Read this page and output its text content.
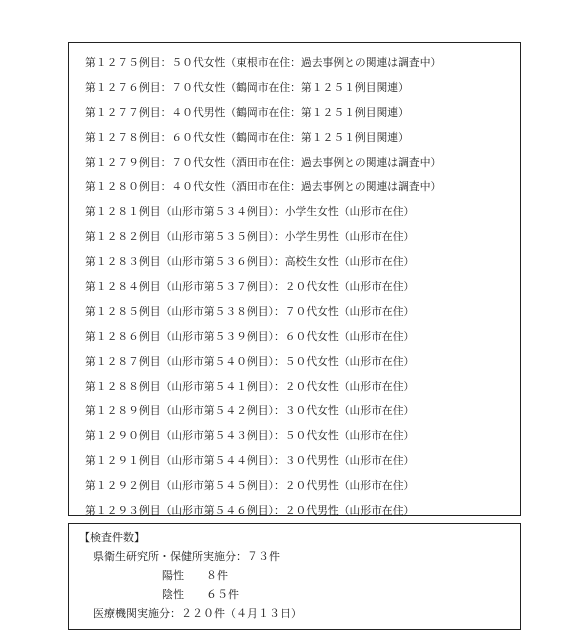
第１２７５例目：５０代女性（東根市在住：過去事例との関連は調査中）
第１２７６例目：７０代女性（鶴岡市在住：第１２５１例目関連）
第１２７７例目：４０代男性（鶴岡市在住：第１２５１例目関連）
第１２７８例目：６０代女性（鶴岡市在住：第１２５１例目関連）
第１２７９例目：７０代女性（酒田市在住：過去事例との関連は調査中）
第１２８０例目：４０代女性（酒田市在住：過去事例との関連は調査中）
第１２８１例目（山形市第５３４例目）：小学生女性（山形市在住）
第１２８２例目（山形市第５３５例目）：小学生男性（山形市在住）
第１２８３例目（山形市第５３６例目）：高校生女性（山形市在住）
第１２８４例目（山形市第５３７例目）：２０代女性（山形市在住）
第１２８５例目（山形市第５３８例目）：７０代女性（山形市在住）
第１２８６例目（山形市第５３９例目）：６０代女性（山形市在住）
第１２８７例目（山形市第５４０例目）：５０代女性（山形市在住）
第１２８８例目（山形市第５４１例目）：２０代女性（山形市在住）
第１２８９例目（山形市第５４２例目）：３０代女性（山形市在住）
第１２９０例目（山形市第５４３例目）：５０代女性（山形市在住）
第１２９１例目（山形市第５４４例目）：３０代男性（山形市在住）
第１２９２例目（山形市第５４５例目）：２０代男性（山形市在住）
第１２９３例目（山形市第５４６例目）：２０代男性（山形市在住）
【検査件数】
県衛生研究所・保健所実施分：７３件
陽性　　８件
陰性　　６５件
医療機関実施分：２２０件（４月１３日）
